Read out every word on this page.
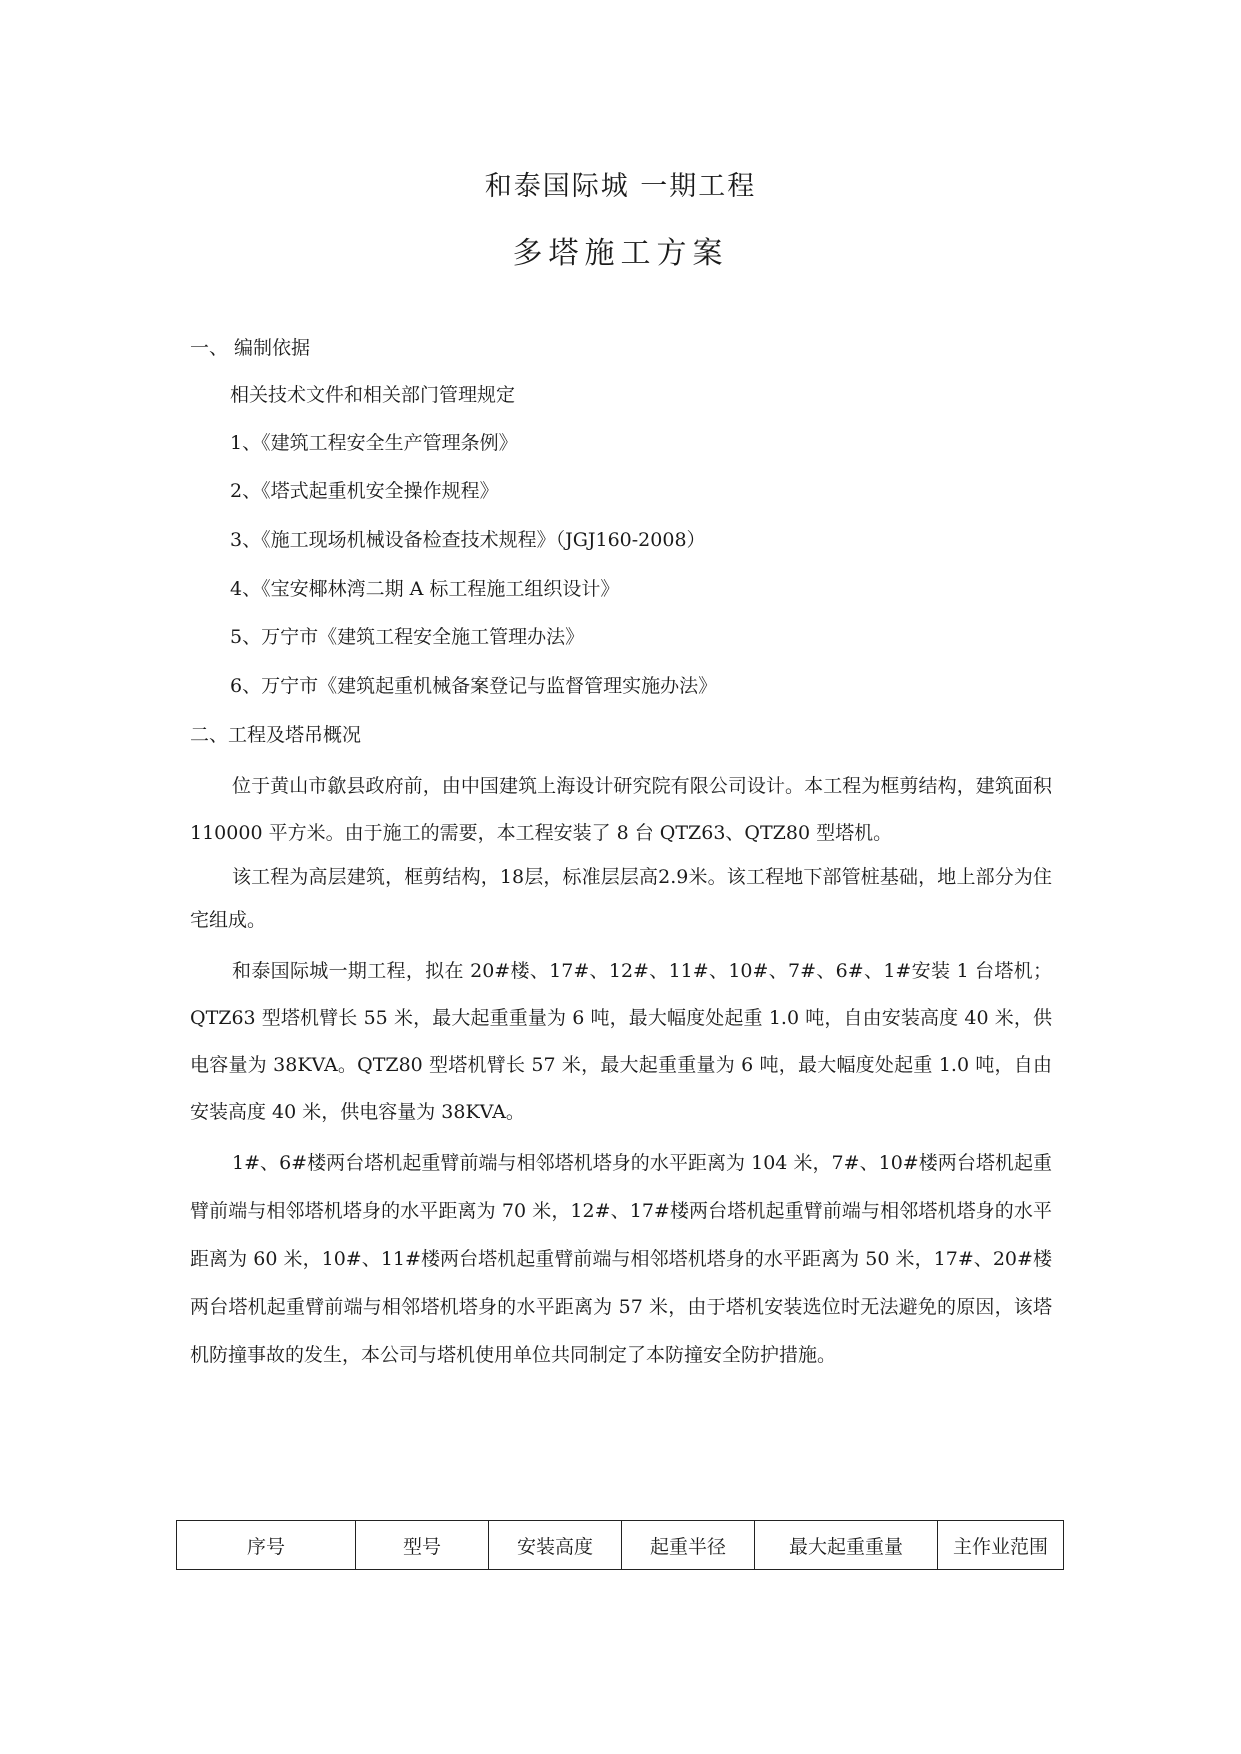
和泰国际城 一期工程
多塔施工方案
一、 编制依据
相关技术文件和相关部门管理规定
1、《建筑工程安全生产管理条例》
2、《塔式起重机安全操作规程》
3、《施工现场机械设备检查技术规程》（JGJ160-2008）
4、《宝安椰林湾二期 A 标工程施工组织设计》
5、万宁市《建筑工程安全施工管理办法》
6、万宁市《建筑起重机械备案登记与监督管理实施办法》
二、工程及塔吊概况

位于黄山市歙县政府前，由中国建筑上海设计研究院有限公司设计。本工程为框剪结构，建筑面积 110000 平方米。由于施工的需要，本工程安装了 8 台 QTZ63、QTZ80 型塔机。

该工程为高层建筑，框剪结构，18层，标准层层高2.9米。该工程地下部管桩基础，地上部分为住宅组成。

和泰国际城一期工程，拟在 20#楼、17#、12#、11#、10#、7#、6#、1#安装 1 台塔机；QTZ63 型塔机臂长 55 米，最大起重重量为 6 吨，最大幅度处起重 1.0 吨，自由安装高度 40 米，供电容量为 38KVA。QTZ80 型塔机臂长 57 米，最大起重重量为 6 吨，最大幅度处起重 1.0 吨，自由安装高度 40 米，供电容量为 38KVA。

1#、6#楼两台塔机起重臂前端与相邻塔机塔身的水平距离为 104 米，7#、10#楼两台塔机起重臂前端与相邻塔机塔身的水平距离为 70 米，12#、17#楼两台塔机起重臂前端与相邻塔机塔身的水平距离为 60 米，10#、11#楼两台塔机起重臂前端与相邻塔机塔身的水平距离为 50 米，17#、20#楼两台塔机起重臂前端与相邻塔机塔身的水平距离为 57 米，由于塔机安装选位时无法避免的原因，该塔机防撞事故的发生，本公司与塔机使用单位共同制定了本防撞安全防护措施。

序号	型号	安装高度	起重半径	最大起重重量	主作业范围
